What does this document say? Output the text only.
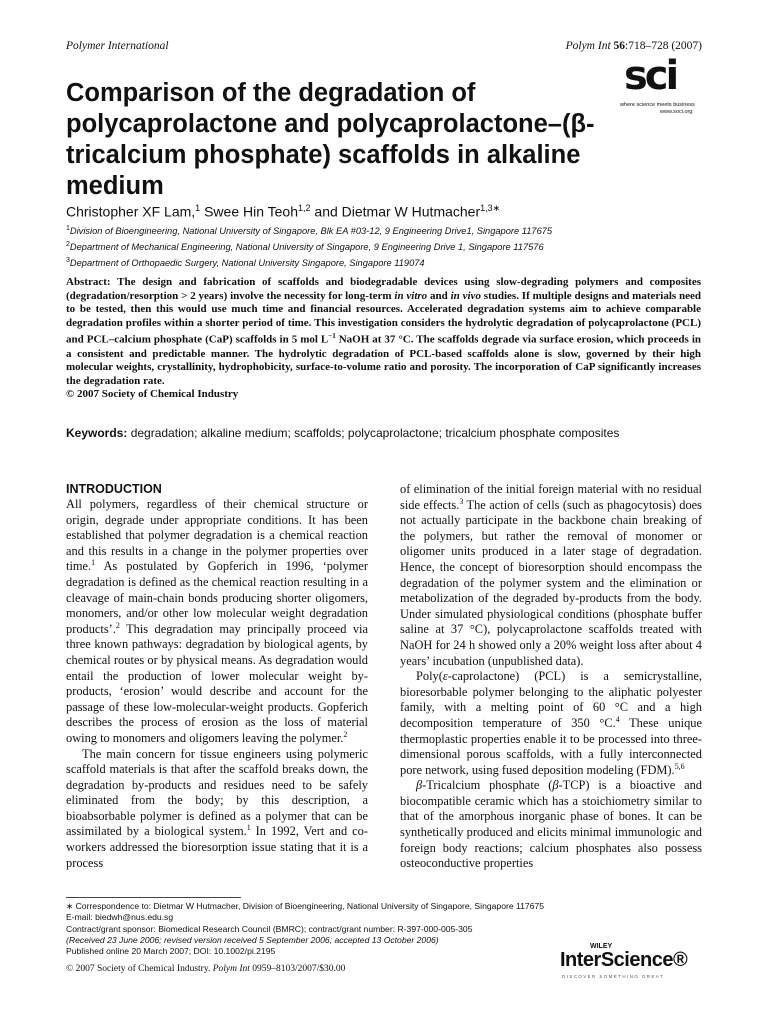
Polymer International	Polym Int 56:718–728 (2007)
sci
where science meets business
www.soci.org
Comparison of the degradation of polycaprolactone and polycaprolactone–(β-tricalcium phosphate) scaffolds in alkaline medium
Christopher XF Lam,$^1$ Swee Hin Teoh$^{1,2}$ and Dietmar W Hutmacher$^{1,3∗}$
$^1$Division of Bioengineering, National University of Singapore, Blk EA #03-12, 9 Engineering Drive1, Singapore 117675
$^2$Department of Mechanical Engineering, National University of Singapore, 9 Engineering Drive 1, Singapore 117576
$^3$Department of Orthopaedic Surgery, National University Singapore, Singapore 119074
Abstract: The design and fabrication of scaffolds and biodegradable devices using slow-degrading polymers and composites (degradation/resorption > 2 years) involve the necessity for long-term in vitro and in vivo studies. If multiple designs and materials need to be tested, then this would use much time and financial resources. Accelerated degradation systems aim to achieve comparable degradation profiles within a shorter period of time. This investigation considers the hydrolytic degradation of polycaprolactone (PCL) and PCL–calcium phosphate (CaP) scaffolds in 5 mol $L^{-1}$ NaOH at 37 °C. The scaffolds degrade via surface erosion, which proceeds in a consistent and predictable manner. The hydrolytic degradation of PCL-based scaffolds alone is slow, governed by their high molecular weights, crystallinity, hydrophobicity, surface-to-volume ratio and porosity. The incorporation of CaP significantly increases the degradation rate.
© 2007 Society of Chemical Industry
Keywords: degradation; alkaline medium; scaffolds; polycaprolactone; tricalcium phosphate composites
INTRODUCTION

All polymers, regardless of their chemical structure or origin, degrade under appropriate conditions. It has been established that polymer degradation is a chemical reaction and this results in a change in the polymer properties over time.$^1$ As postulated by Gopferich in 1996, ‘polymer degradation is defined as the chemical reaction resulting in a cleavage of main-chain bonds producing shorter oligomers, monomers, and/or other low molecular weight degradation products’.$^2$ This degradation may principally proceed via three known pathways: degradation by biological agents, by chemical routes or by physical means. As degradation would entail the production of lower molecular weight by-products, ‘erosion’ would describe and account for the passage of these low-molecular-weight products. Gopferich describes the process of erosion as the loss of material owing to monomers and oligomers leaving the polymer.$^2$

The main concern for tissue engineers using polymeric scaffold materials is that after the scaffold breaks down, the degradation by-products and residues need to be safely eliminated from the body; by this description, a bioabsorbable polymer is defined as a polymer that can be assimilated by a biological system.$^1$ In 1992, Vert and co-workers addressed the bioresorption issue stating that it is a process

of elimination of the initial foreign material with no residual side effects.$^3$ The action of cells (such as phagocytosis) does not actually participate in the backbone chain breaking of the polymers, but rather the removal of monomer or oligomer units produced in a later stage of degradation. Hence, the concept of bioresorption should encompass the degradation of the polymer system and the elimination or metabolization of the degraded by-products from the body. Under simulated physiological conditions (phosphate buffer saline at 37 °C), polycaprolactone scaffolds treated with NaOH for 24 h showed only a 20% weight loss after about 4 years’ incubation (unpublished data).

Poly(ε-caprolactone) (PCL) is a semicrystalline, bioresorbable polymer belonging to the aliphatic polyester family, with a melting point of 60 °C and a high decomposition temperature of 350 °C.$^4$ These unique thermoplastic properties enable it to be processed into three-dimensional porous scaffolds, with a fully interconnected pore network, using fused deposition modeling (FDM).$^{5,6}$

β-Tricalcium phosphate (β-TCP) is a bioactive and biocompatible ceramic which has a stoichiometry similar to that of the amorphous inorganic phase of bones. It can be synthetically produced and elicits minimal immunologic and foreign body reactions; calcium phosphates also possess osteoconductive properties

∗ Correspondence to: Dietmar W Hutmacher, Division of Bioengineering, National University of Singapore, Singapore 117675
E-mail: biedwh@nus.edu.sg
Contract/grant sponsor: Biomedical Research Council (BMRC); contract/grant number: R-397-000-005-305
(Received 23 June 2006; revised version received 5 September 2006; accepted 13 October 2006)
Published online 20 March 2007; DOI: 10.1002/pi.2195
© 2007 Society of Chemical Industry. Polym Int 0959–8103/2007/$30.00
WILEY
InterScience®
DISCOVER SOMETHING GREAT
